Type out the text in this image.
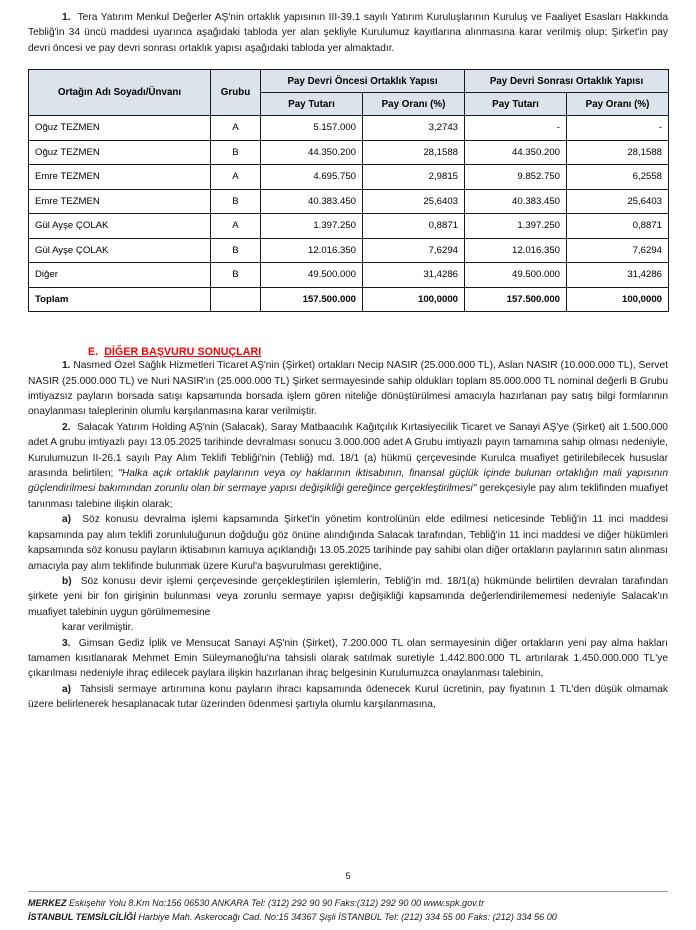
1. Tera Yatırım Menkul Değerler AŞ'nin ortaklık yapısının III-39.1 sayılı Yatırım Kuruluşlarının Kuruluş ve Faaliyet Esasları Hakkında Tebliğ'in 34 üncü maddesi uyarınca aşağıdaki tabloda yer alan şekliyle Kurulumuz kayıtlarına alınmasına karar verilmiş olup; Şirket'in pay devri öncesi ve pay devri sonrası ortaklık yapısı aşağıdaki tabloda yer almaktadır.

Ortağın Adı Soyadı/Ünvanı	Grubu	Pay Devri Öncesi Ortaklık Yapısı		Pay Devri Sonrası Ortaklık Yapısı	
		Pay Tutarı	Pay Oranı (%)	Pay Tutarı	Pay Oranı (%)
Oğuz TEZMEN	A	5.157.000	3,2743	-	-
Oğuz TEZMEN	B	44.350.200	28,1588	44.350.200	28,1588
Emre TEZMEN	A	4.695.750	2,9815	9.852.750	6,2558
Emre TEZMEN	B	40.383.450	25,6403	40.383.450	25,6403
Gül Ayşe ÇOLAK	A	1.397.250	0,8871	1.397.250	0,8871
Gül Ayşe ÇOLAK	B	12.016.350	7,6294	12.016.350	7,6294
Diğer	B	49.500.000	31,4286	49.500.000	31,4286
Toplam		157.500.000	100,0000	157.500.000	100,0000
E. DİĞER BAŞVURU SONUÇLARI

1. Nasmed Özel Sağlık Hizmetleri Ticaret AŞ'nin (Şirket) ortakları Necip NASIR (25.000.000 TL), Aslan NASIR (10.000.000 TL), Servet NASIR (25.000.000 TL) ve Nuri NASIR'ın (25.000.000 TL) Şirket sermayesinde sahip oldukları toplam 85.000.000 TL nominal değerli B Grubu imtiyazsız payların borsada satışı kapsamında borsada işlem gören niteliğe dönüştürülmesi amacıyla hazırlanan pay satış bilgi formlarının onaylanması taleplerinin olumlu karşılanmasına karar verilmiştir.

2. Salacak Yatırım Holding AŞ'nin (Salacak), Saray Matbaacılık Kağıtçılık Kırtasiyecilik Ticaret ve Sanayi AŞ'ye (Şirket) ait 1.500.000 adet A grubu imtiyazlı payı 13.05.2025 tarihinde devralması sonucu 3.000.000 adet A Grubu imtiyazlı payın tamamına sahip olması nedeniyle, Kurulumuzun II-26.1 sayılı Pay Alım Teklifi Tebliği'nin (Tebliğ) md. 18/1 (a) hükmü çerçevesinde Kurulca muafiyet getirilebilecek hususlar arasında belirtilen; "Halka açık ortaklık paylarının veya oy haklarının iktisabının, finansal güçlük içinde bulunan ortaklığın mali yapısının güçlendirilmesi bakımından zorunlu olan bir sermaye yapısı değişikliği gereğince gerçekleştirilmesi" gerekçesiyle pay alım teklifinden muafiyet tanınması talebine ilişkin olarak;

a) Söz konusu devralma işlemi kapsamında Şirket'in yönetim kontrolünün elde edilmesi neticesinde Tebliğ'in 11 inci maddesi kapsamında pay alım teklifi zorunluluğunun doğduğu göz önüne alındığında Salacak tarafından, Tebliğ'in 11 inci maddesi ve diğer hükümleri kapsamında söz konusu payların iktisabının kamuya açıklandığı 13.05.2025 tarihinde pay sahibi olan diğer ortakların paylarının satın alınması amacıyla pay alım teklifinde bulunmak üzere Kurul'a başvurulması gerektiğine,

b) Söz konusu devir işlemi çerçevesinde gerçekleştirilen işlemlerin, Tebliğ'in md. 18/1(a) hükmünde belirtilen devralan tarafından şirkete yeni bir fon girişinin bulunması veya zorunlu sermaye yapısı değişikliği kapsamında değerlendirilememesi nedeniyle Salacak'ın muafiyet talebinin uygun görülmemesine

karar verilmiştir.

3. Gimsan Gediz İplik ve Mensucat Sanayi AŞ'nin (Şirket), 7.200.000 TL olan sermayesinin diğer ortakların yeni pay alma hakları tamamen kısıtlanarak Mehmet Emin Süleymanoğlu'na tahsisli olarak satılmak suretiyle 1.442.800.000 TL artırılarak 1.450.000.000 TL'ye çıkarılması nedeniyle ihraç edilecek paylara ilişkin hazırlanan ihraç belgesinin Kurulumuzca onaylanması talebinin,

a) Tahsisli sermaye artırımına konu payların ihracı kapsamında ödenecek Kurul ücretinin, pay fiyatının 1 TL'den düşük olmamak üzere belirlenerek hesaplanacak tutar üzerinden ödenmesi şartıyla olumlu karşılanmasına,

5
MERKEZ Eskişehir Yolu 8.Km No:156 06530 ANKARA Tel: (312) 292 90 90 Faks:(312) 292 90 00 www.spk.gov.tr
İSTANBUL TEMSİLCİLİĞİ Harbiye Mah. Askerocağı Cad. No:15 34367 Şişli İSTANBUL Tel: (212) 334 55 00 Faks: (212) 334 56 00
